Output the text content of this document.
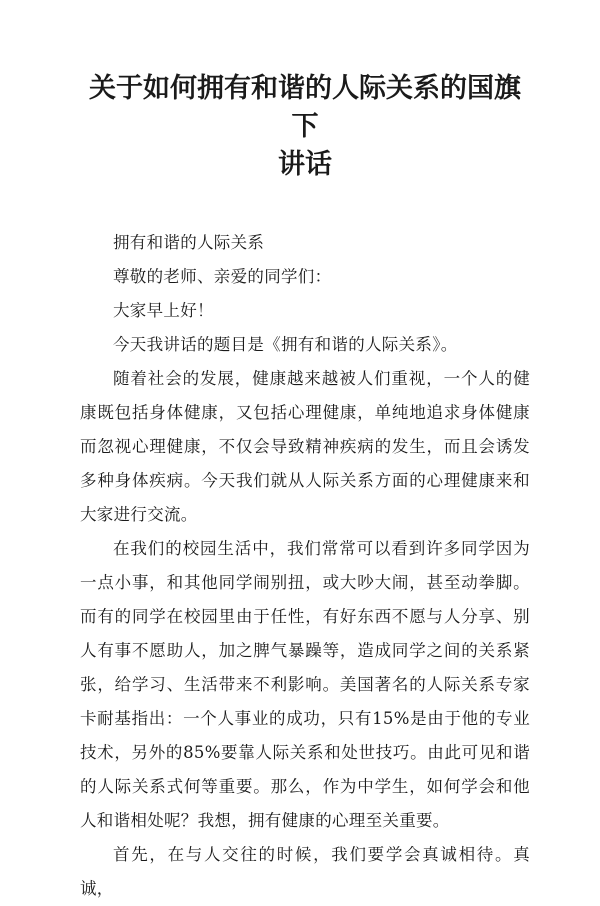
关于如何拥有和谐的人际关系的国旗下
讲话

拥有和谐的人际关系

尊敬的老师、亲爱的同学们：

大家早上好！

今天我讲话的题目是《拥有和谐的人际关系》。

随着社会的发展，健康越来越被人们重视，一个人的健康既包括身体健康，又包括心理健康，单纯地追求身体健康而忽视心理健康，不仅会导致精神疾病的发生，而且会诱发多种身体疾病。今天我们就从人际关系方面的心理健康来和大家进行交流。

在我们的校园生活中，我们常常可以看到许多同学因为一点小事，和其他同学闹别扭，或大吵大闹，甚至动拳脚。而有的同学在校园里由于任性，有好东西不愿与人分享、别人有事不愿助人，加之脾气暴躁等，造成同学之间的关系紧张，给学习、生活带来不利影响。美国著名的人际关系专家卡耐基指出：一个人事业的成功，只有15%是由于他的专业技术，另外的85%要靠人际关系和处世技巧。由此可见和谐的人际关系式何等重要。那么，作为中学生，如何学会和他人和谐相处呢？我想，拥有健康的心理至关重要。

首先，在与人交往的时候，我们要学会真诚相待。真诚，
